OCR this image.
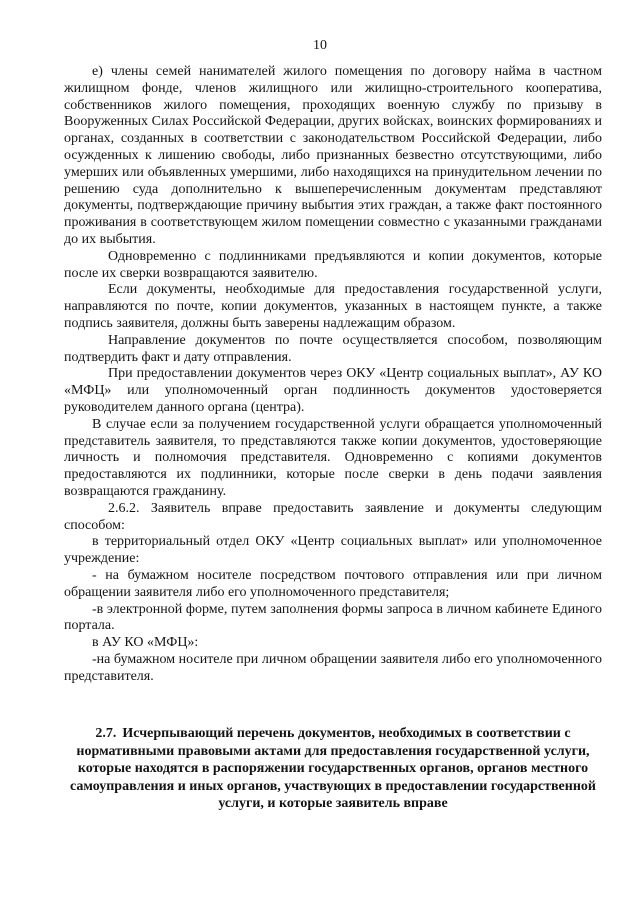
10

е) члены семей нанимателей жилого помещения по договору найма в частном жилищном фонде, членов жилищного или жилищно-строительного кооператива, собственников жилого помещения, проходящих военную службу по призыву в Вооруженных Силах Российской Федерации, других войсках, воинских формированиях и органах, созданных в соответствии с законодательством Российской Федерации, либо осужденных к лишению свободы, либо признанных безвестно отсутствующими, либо умерших или объявленных умершими, либо находящихся на принудительном лечении по решению суда дополнительно к вышеперечисленным документам представляют документы, подтверждающие причину выбытия этих граждан, а также факт постоянного проживания в соответствующем жилом помещении совместно с указанными гражданами до их выбытия.

Одновременно с подлинниками предъявляются и копии документов, которые после их сверки возвращаются заявителю.

Если документы, необходимые для предоставления государственной услуги, направляются по почте, копии документов, указанных в настоящем пункте, а также подпись заявителя, должны быть заверены надлежащим образом.

Направление документов по почте осуществляется способом, позволяющим подтвердить факт и дату отправления.

При предоставлении документов через ОКУ «Центр социальных выплат», АУ КО «МФЦ» или уполномоченный орган подлинность документов удостоверяется руководителем данного органа (центра).

В случае если за получением государственной услуги обращается уполномоченный представитель заявителя, то представляются также копии документов, удостоверяющие личность и полномочия представителя. Одновременно с копиями документов предоставляются их подлинники, которые после сверки в день подачи заявления возвращаются гражданину.

2.6.2. Заявитель вправе предоставить заявление и документы следующим способом:

в территориальный отдел ОКУ «Центр социальных выплат» или уполномоченное учреждение:

- на бумажном носителе посредством почтового отправления или при личном обращении заявителя либо его уполномоченного представителя;

-в электронной форме, путем заполнения формы запроса в личном кабинете Единого портала.

в АУ КО «МФЦ»:

-на бумажном носителе при личном обращении заявителя либо его уполномоченного представителя.

2.7. Исчерпывающий перечень документов, необходимых в соответствии с нормативными правовыми актами для предоставления государственной услуги, которые находятся в распоряжении государственных органов, органов местного самоуправления и иных органов, участвующих в предоставлении государственной услуги, и которые заявитель вправе
